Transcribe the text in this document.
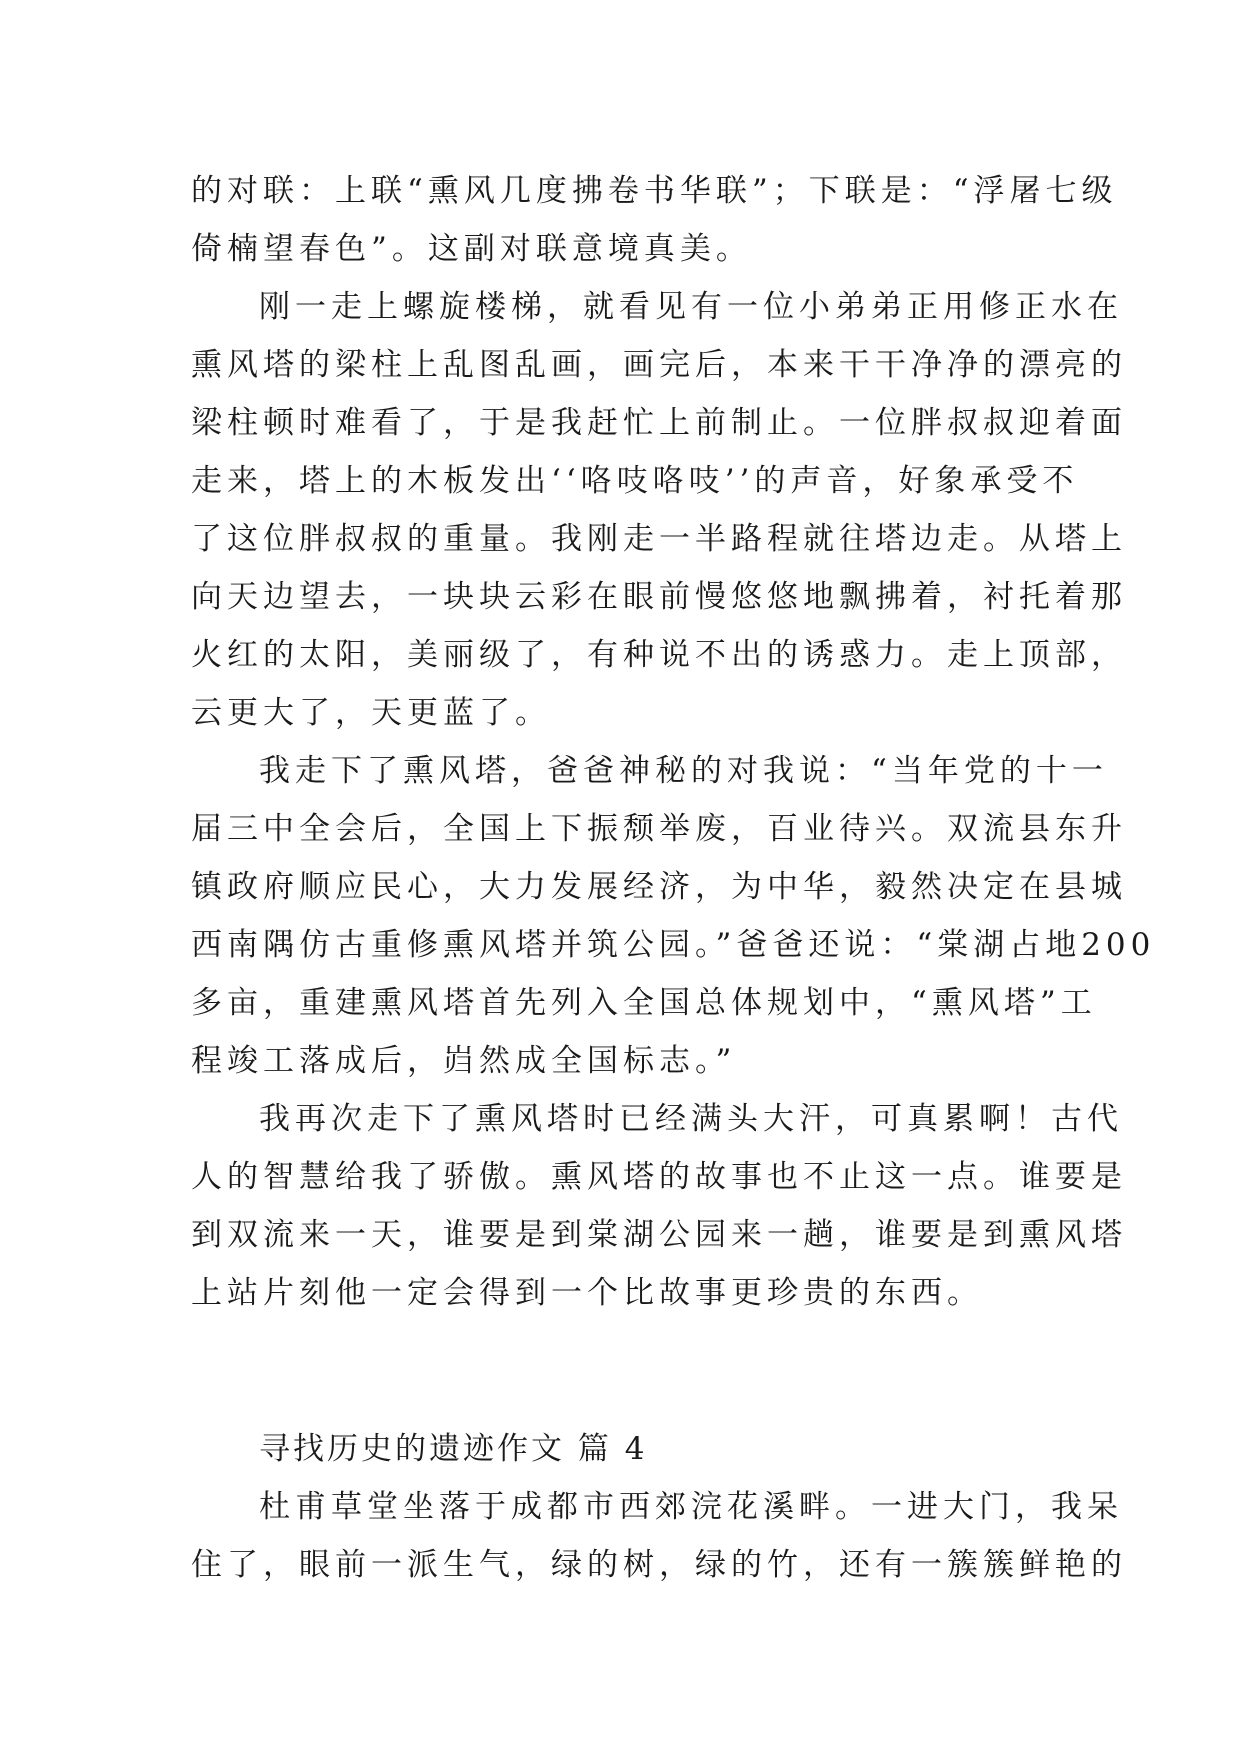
的对联：上联“熏风几度拂卷书华联”；下联是：“浮屠七级
倚楠望春色”。这副对联意境真美。
刚一走上螺旋楼梯，就看见有一位小弟弟正用修正水在
熏风塔的梁柱上乱图乱画，画完后，本来干干净净的漂亮的
梁柱顿时难看了，于是我赶忙上前制止。一位胖叔叔迎着面
走来，塔上的木板发出‘‘咯吱咯吱’’的声音，好象承受不
了这位胖叔叔的重量。我刚走一半路程就往塔边走。从塔上
向天边望去，一块块云彩在眼前慢悠悠地飘拂着，衬托着那
火红的太阳，美丽级了，有种说不出的诱惑力。走上顶部，
云更大了，天更蓝了。
我走下了熏风塔，爸爸神秘的对我说：“当年党的十一
届三中全会后，全国上下振颓举废，百业待兴。双流县东升
镇政府顺应民心，大力发展经济，为中华，毅然决定在县城
西南隅仿古重修熏风塔并筑公园。”爸爸还说：“棠湖占地200
多亩，重建熏风塔首先列入全国总体规划中，“熏风塔”工
程竣工落成后，岿然成全国标志。”
我再次走下了熏风塔时已经满头大汗，可真累啊！古代
人的智慧给我了骄傲。熏风塔的故事也不止这一点。谁要是
到双流来一天，谁要是到棠湖公园来一趟，谁要是到熏风塔
上站片刻他一定会得到一个比故事更珍贵的东西。
寻找历史的遗迹作文 篇 4
杜甫草堂坐落于成都市西郊浣花溪畔。一进大门，我呆
住了，眼前一派生气，绿的树，绿的竹，还有一簇簇鲜艳的
